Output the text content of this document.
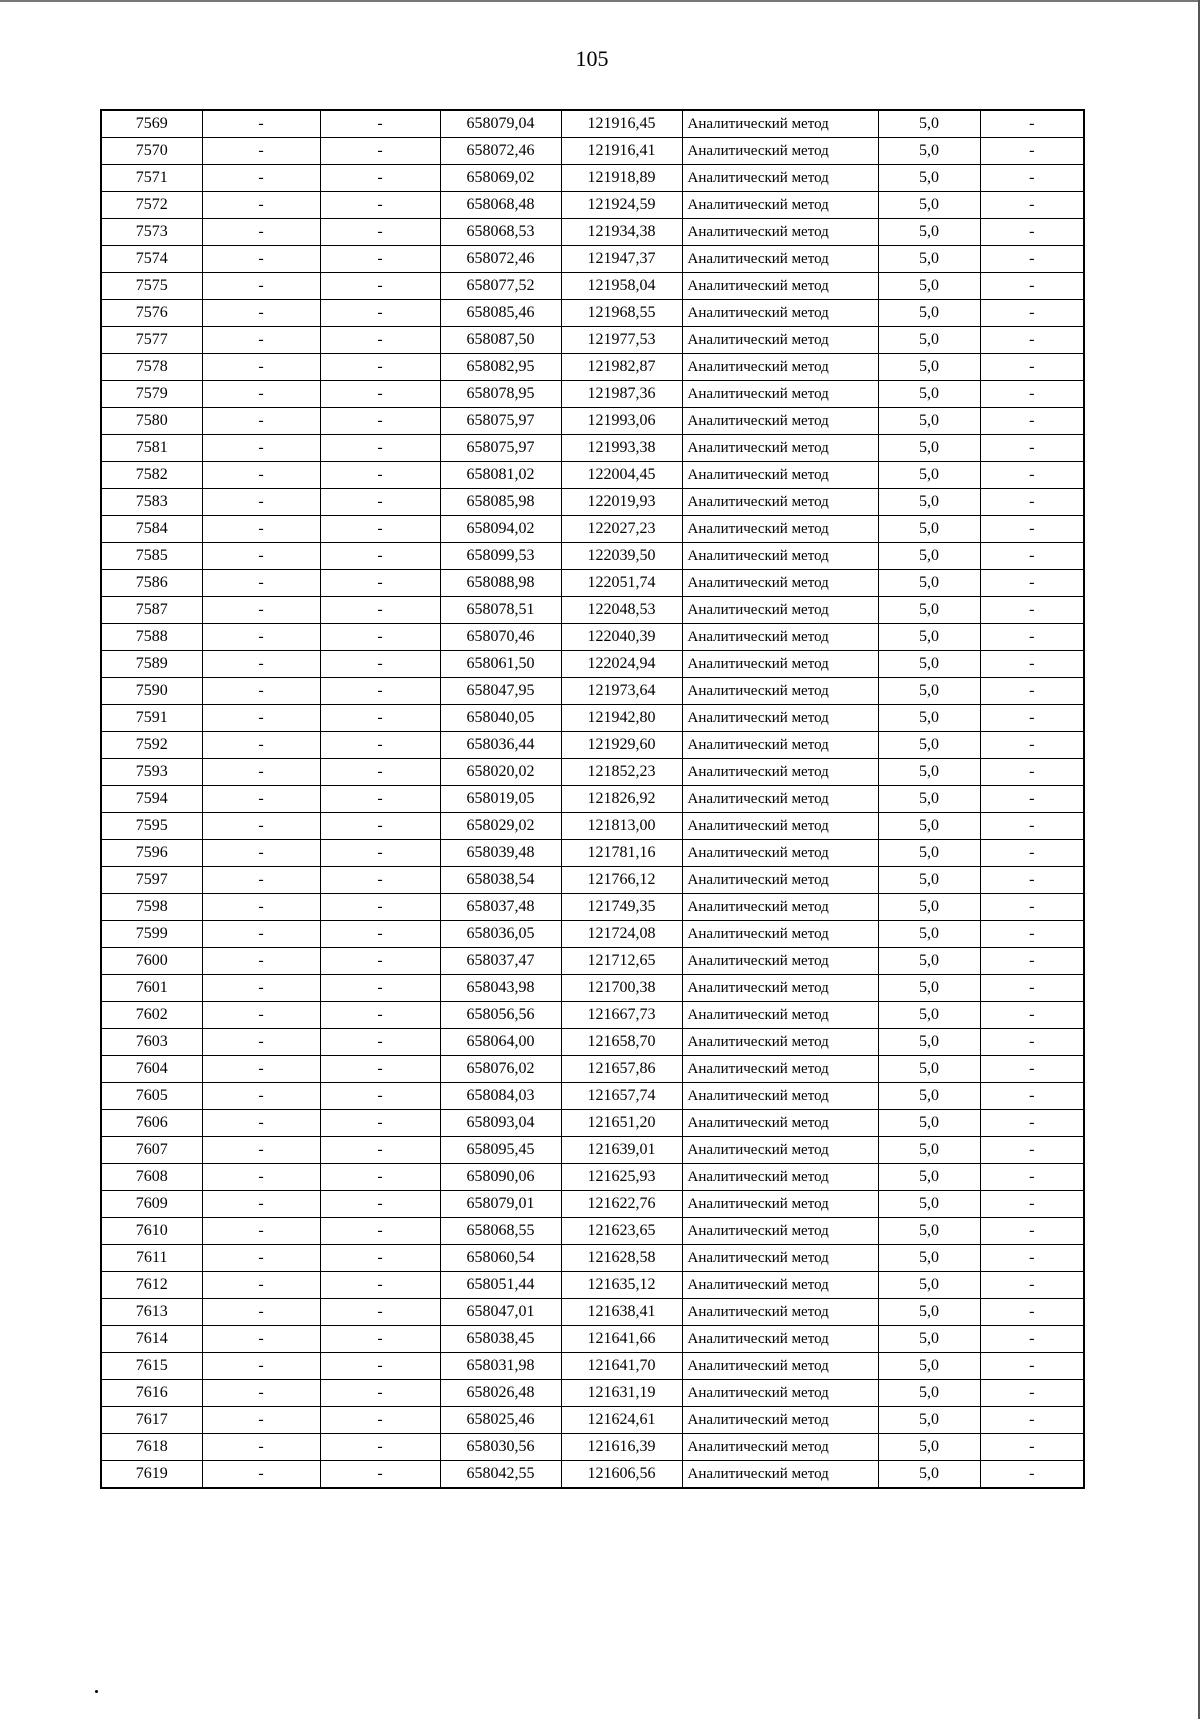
105
7569	-	-	658079,04	121916,45	Аналитический метод	5,0	-
7570	-	-	658072,46	121916,41	Аналитический метод	5,0	-
7571	-	-	658069,02	121918,89	Аналитический метод	5,0	-
7572	-	-	658068,48	121924,59	Аналитический метод	5,0	-
7573	-	-	658068,53	121934,38	Аналитический метод	5,0	-
7574	-	-	658072,46	121947,37	Аналитический метод	5,0	-
7575	-	-	658077,52	121958,04	Аналитический метод	5,0	-
7576	-	-	658085,46	121968,55	Аналитический метод	5,0	-
7577	-	-	658087,50	121977,53	Аналитический метод	5,0	-
7578	-	-	658082,95	121982,87	Аналитический метод	5,0	-
7579	-	-	658078,95	121987,36	Аналитический метод	5,0	-
7580	-	-	658075,97	121993,06	Аналитический метод	5,0	-
7581	-	-	658075,97	121993,38	Аналитический метод	5,0	-
7582	-	-	658081,02	122004,45	Аналитический метод	5,0	-
7583	-	-	658085,98	122019,93	Аналитический метод	5,0	-
7584	-	-	658094,02	122027,23	Аналитический метод	5,0	-
7585	-	-	658099,53	122039,50	Аналитический метод	5,0	-
7586	-	-	658088,98	122051,74	Аналитический метод	5,0	-
7587	-	-	658078,51	122048,53	Аналитический метод	5,0	-
7588	-	-	658070,46	122040,39	Аналитический метод	5,0	-
7589	-	-	658061,50	122024,94	Аналитический метод	5,0	-
7590	-	-	658047,95	121973,64	Аналитический метод	5,0	-
7591	-	-	658040,05	121942,80	Аналитический метод	5,0	-
7592	-	-	658036,44	121929,60	Аналитический метод	5,0	-
7593	-	-	658020,02	121852,23	Аналитический метод	5,0	-
7594	-	-	658019,05	121826,92	Аналитический метод	5,0	-
7595	-	-	658029,02	121813,00	Аналитический метод	5,0	-
7596	-	-	658039,48	121781,16	Аналитический метод	5,0	-
7597	-	-	658038,54	121766,12	Аналитический метод	5,0	-
7598	-	-	658037,48	121749,35	Аналитический метод	5,0	-
7599	-	-	658036,05	121724,08	Аналитический метод	5,0	-
7600	-	-	658037,47	121712,65	Аналитический метод	5,0	-
7601	-	-	658043,98	121700,38	Аналитический метод	5,0	-
7602	-	-	658056,56	121667,73	Аналитический метод	5,0	-
7603	-	-	658064,00	121658,70	Аналитический метод	5,0	-
7604	-	-	658076,02	121657,86	Аналитический метод	5,0	-
7605	-	-	658084,03	121657,74	Аналитический метод	5,0	-
7606	-	-	658093,04	121651,20	Аналитический метод	5,0	-
7607	-	-	658095,45	121639,01	Аналитический метод	5,0	-
7608	-	-	658090,06	121625,93	Аналитический метод	5,0	-
7609	-	-	658079,01	121622,76	Аналитический метод	5,0	-
7610	-	-	658068,55	121623,65	Аналитический метод	5,0	-
7611	-	-	658060,54	121628,58	Аналитический метод	5,0	-
7612	-	-	658051,44	121635,12	Аналитический метод	5,0	-
7613	-	-	658047,01	121638,41	Аналитический метод	5,0	-
7614	-	-	658038,45	121641,66	Аналитический метод	5,0	-
7615	-	-	658031,98	121641,70	Аналитический метод	5,0	-
7616	-	-	658026,48	121631,19	Аналитический метод	5,0	-
7617	-	-	658025,46	121624,61	Аналитический метод	5,0	-
7618	-	-	658030,56	121616,39	Аналитический метод	5,0	-
7619	-	-	658042,55	121606,56	Аналитический метод	5,0	-
